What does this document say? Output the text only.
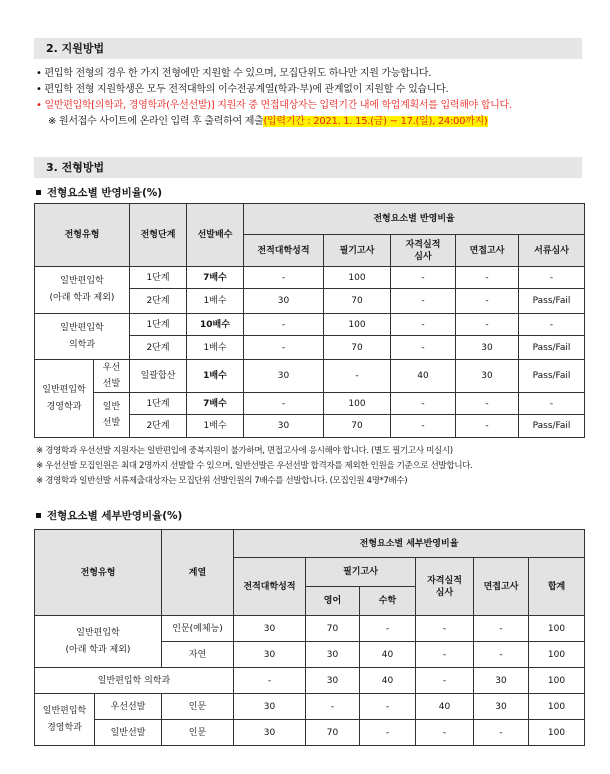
2. 지원방법
• 편입학 전형의 경우 한 가지 전형에만 지원할 수 있으며, 모집단위도 하나만 지원 가능합니다.
• 편입학 전형 지원학생은 모두 전적대학의 이수전공계열(학과·부)에 관계없이 지원할 수 있습니다.
• 일반편입학[의학과, 경영학과(우선선발)] 지원자 중 면접대상자는 입력기간 내에 학업계획서를 입력해야 합니다.
※ 원서접수 사이트에 온라인 입력 후 출력하여 제출(입력기간 : 2021. 1. 15.(금) ~ 17.(일), 24:00까지)
3. 전형방법
전형요소별 반영비율(%)
전형유형		전형단계	선발배수	전형요소별 반영비율				
				전적대학성적	필기고사	자격실적
심사	면접고사	서류심사
일반편입학
(아래 학과 제외)		1단계	7배수	-	100	-	-	-
		2단계	1배수	30	70	-	-	Pass/Fail
일반편입학
의학과		1단계	10배수	-	100	-	-	-
		2단계	1배수	-	70	-	30	Pass/Fail
일반편입학
경영학과	우선
선발	일괄합산	1배수	30	-	40	30	Pass/Fail
	일반
선발	1단계	7배수	-	100	-	-	-
		2단계	1배수	30	70	-	-	Pass/Fail
※ 경영학과 우선선발 지원자는 일반편입에 중복지원이 불가하며, 면접고사에 응시해야 합니다. (별도 필기고사 미실시)
※ 우선선발 모집인원은 최대 2명까지 선발할 수 있으며, 일반선발은 우선선발 합격자를 제외한 인원을 기준으로 선발합니다.
※ 경영학과 일반선발 서류제출대상자는 모집단위 선발인원의 7배수를 선발합니다. (모집인원 4명*7배수)
전형요소별 세부반영비율(%)
전형유형		계열	전형요소별 세부반영비율					
			전적대학성적	필기고사		자격실적
심사	면접고사	합계
				영어	수학			
일반편입학
(아래 학과 제외)		인문(예체능)	30	70	-	-	-	100
		자연	30	30	40	-	-	100
일반편입학 의학과			-	30	40	-	30	100
일반편입학
경영학과	우선선발	인문	30	-	-	40	30	100
	일반선발	인문	30	70	-	-	-	100
